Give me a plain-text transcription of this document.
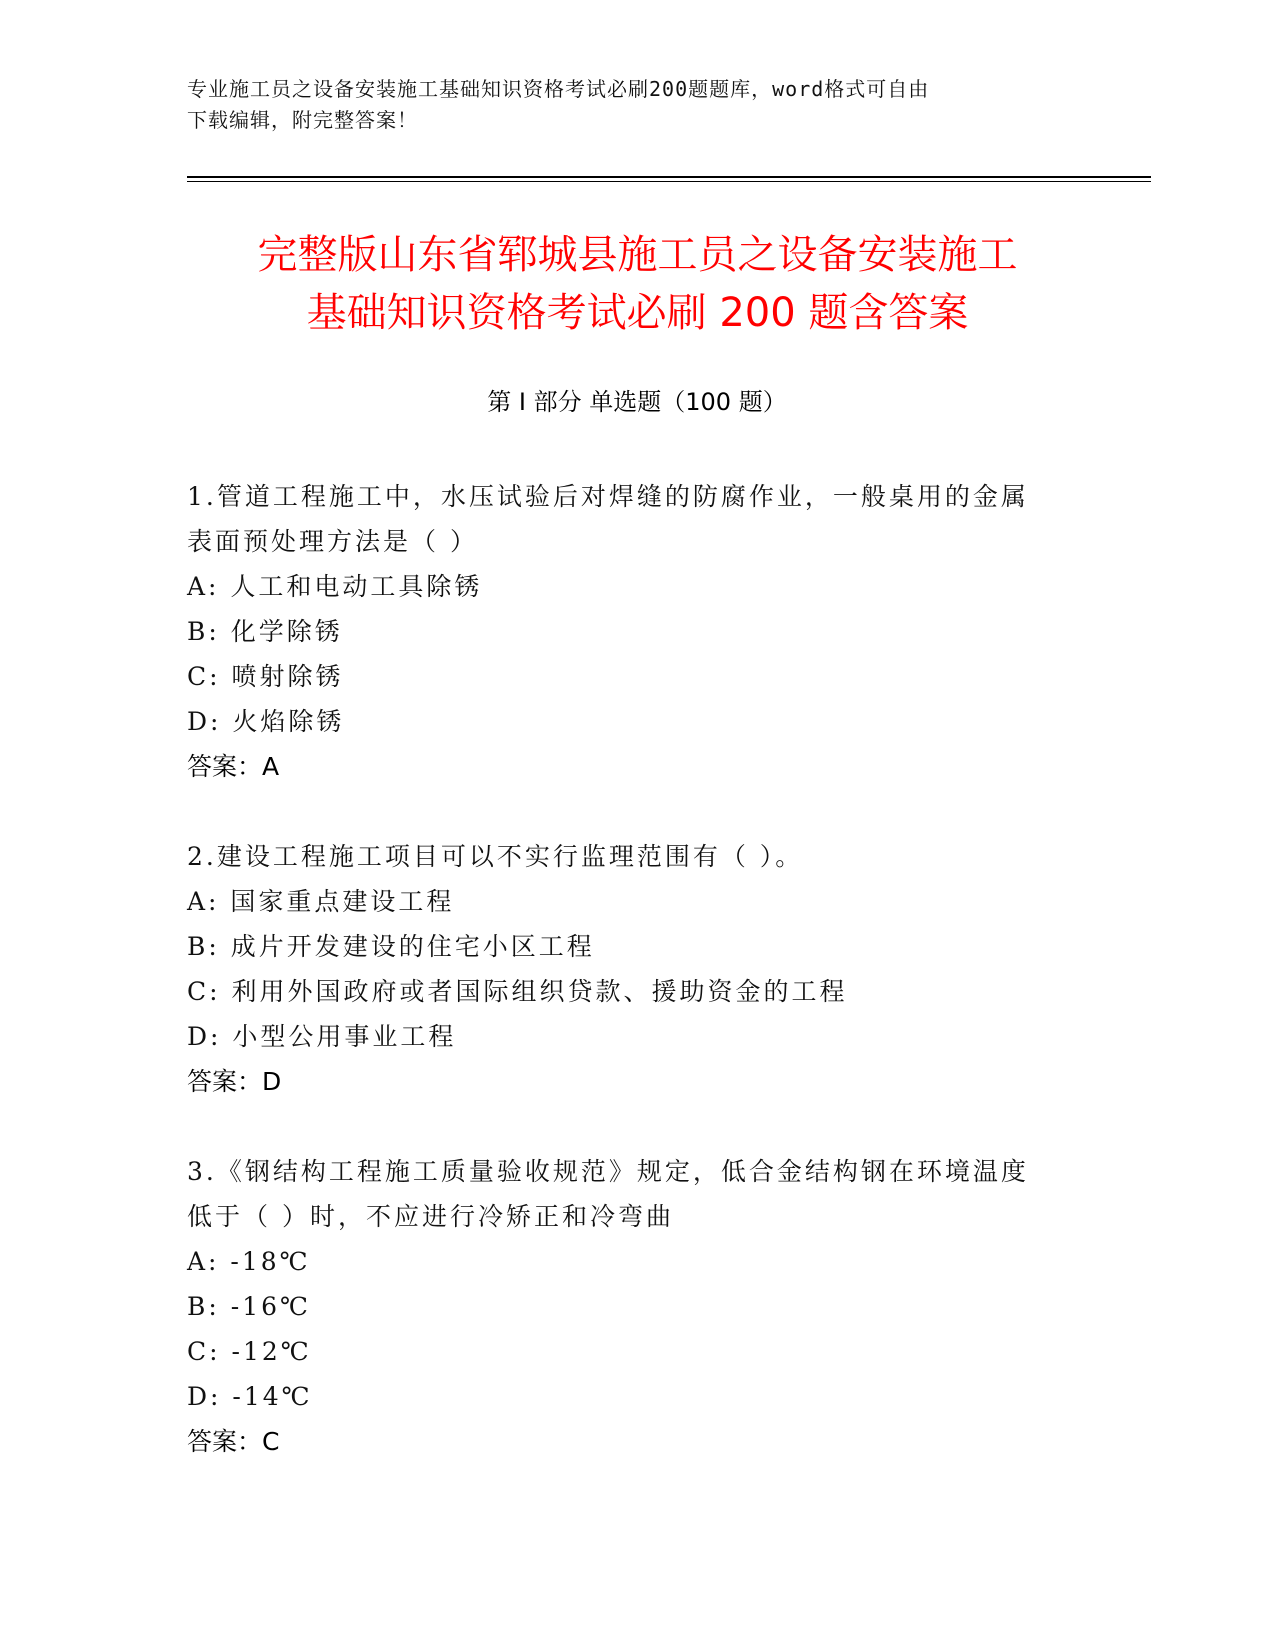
专业施工员之设备安装施工基础知识资格考试必刷200题题库，word格式可自由
下载编辑，附完整答案！
完整版山东省郓城县施工员之设备安装施工
基础知识资格考试必刷 200 题含答案
第 I 部分 单选题（100 题）

1.管道工程施工中，水压试验后对焊缝的防腐作业，一般桌用的金属

表面预处理方法是（ ）

A: 人工和电动工具除锈

B: 化学除锈

C: 喷射除锈

D: 火焰除锈

答案：A

2.建设工程施工项目可以不实行监理范围有（ ）。

A: 国家重点建设工程

B: 成片开发建设的住宅小区工程

C: 利用外国政府或者国际组织贷款、援助资金的工程

D: 小型公用事业工程

答案：D

3.《钢结构工程施工质量验收规范》规定，低合金结构钢在环境温度

低于（ ）时，不应进行冷矫正和冷弯曲

A: -18℃

B: -16℃

C: -12℃

D: -14℃

答案：C
